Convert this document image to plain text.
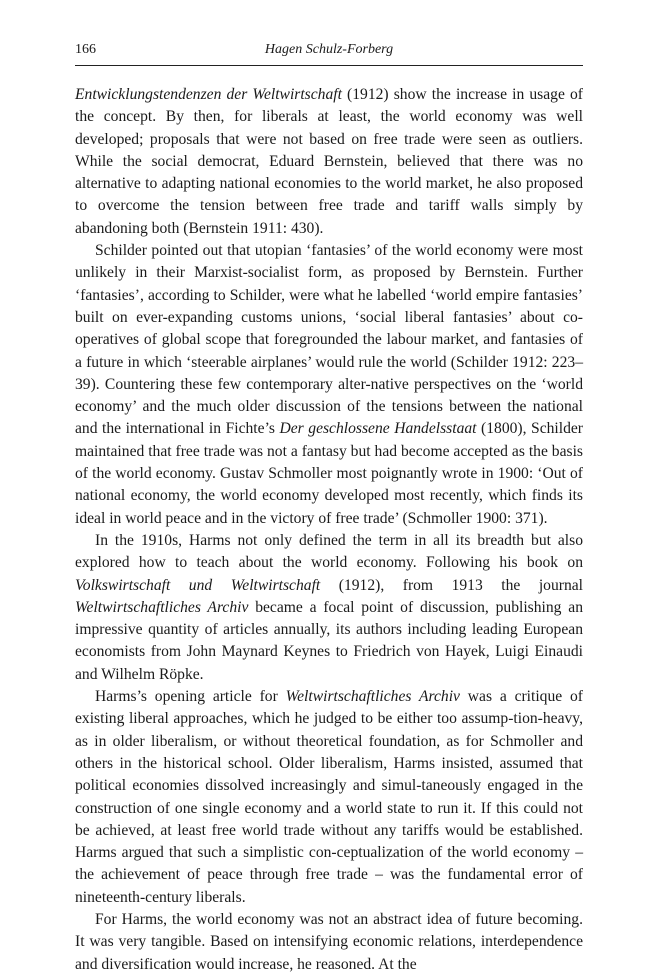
166	Hagen Schulz-Forberg

Entwicklungstendenzen der Weltwirtschaft (1912) show the increase in usage of the concept. By then, for liberals at least, the world economy was well developed; proposals that were not based on free trade were seen as outliers. While the social democrat, Eduard Bernstein, believed that there was no alternative to adapting national economies to the world market, he also proposed to overcome the tension between free trade and tariff walls simply by abandoning both (Bernstein 1911: 430).

Schilder pointed out that utopian ‘fantasies’ of the world economy were most unlikely in their Marxist-socialist form, as proposed by Bernstein. Further ‘fantasies’, according to Schilder, were what he labelled ‘world empire fantasies’ built on ever-expanding customs unions, ‘social liberal fantasies’ about co-operatives of global scope that foregrounded the labour market, and fantasies of a future in which ‘steerable airplanes’ would rule the world (Schilder 1912: 223–39). Countering these few contemporary alter-native perspectives on the ‘world economy’ and the much older discussion of the tensions between the national and the international in Fichte’s Der geschlossene Handelsstaat (1800), Schilder maintained that free trade was not a fantasy but had become accepted as the basis of the world economy. Gustav Schmoller most poignantly wrote in 1900: ‘Out of national economy, the world economy developed most recently, which finds its ideal in world peace and in the victory of free trade’ (Schmoller 1900: 371).

In the 1910s, Harms not only defined the term in all its breadth but also explored how to teach about the world economy. Following his book on Volkswirtschaft und Weltwirtschaft (1912), from 1913 the journal Weltwirtschaftliches Archiv became a focal point of discussion, publishing an impressive quantity of articles annually, its authors including leading European economists from John Maynard Keynes to Friedrich von Hayek, Luigi Einaudi and Wilhelm Röpke.

Harms’s opening article for Weltwirtschaftliches Archiv was a critique of existing liberal approaches, which he judged to be either too assump-tion-heavy, as in older liberalism, or without theoretical foundation, as for Schmoller and others in the historical school. Older liberalism, Harms insisted, assumed that political economies dissolved increasingly and simul-taneously engaged in the construction of one single economy and a world state to run it. If this could not be achieved, at least free world trade without any tariffs would be established. Harms argued that such a simplistic con-ceptualization of the world economy – the achievement of peace through free trade – was the fundamental error of nineteenth-century liberals.

For Harms, the world economy was not an abstract idea of future becoming. It was very tangible. Based on intensifying economic relations, interdependence and diversification would increase, he reasoned. At the
